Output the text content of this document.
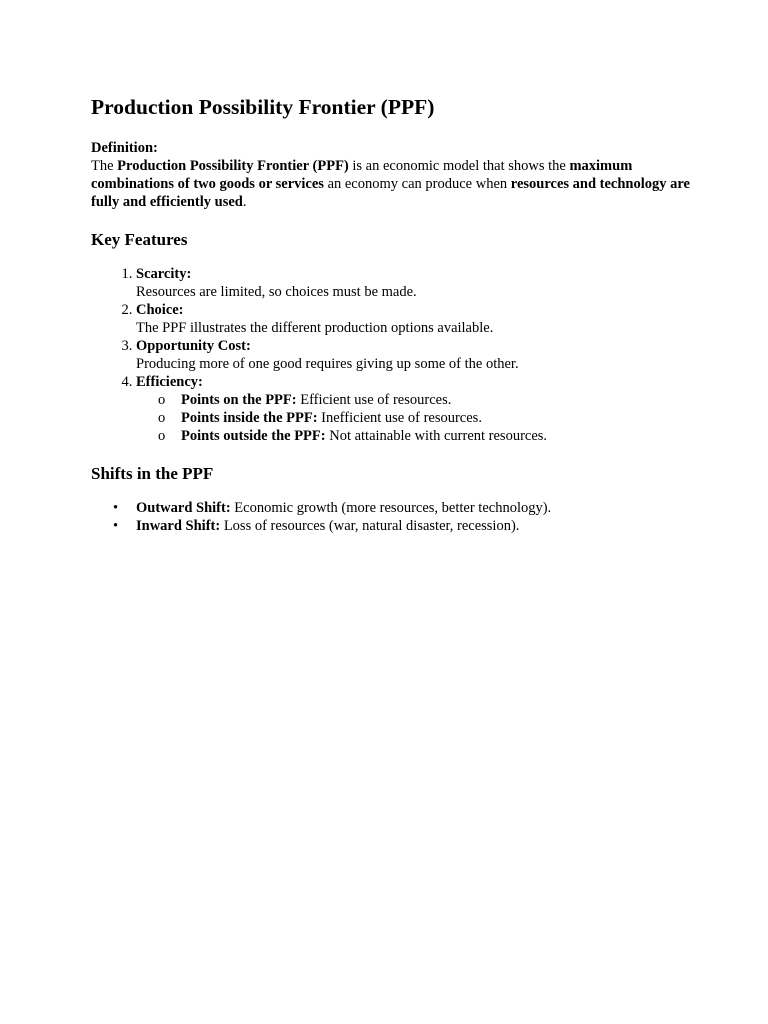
Production Possibility Frontier (PPF)

Definition:

The Production Possibility Frontier (PPF) is an economic model that shows the maximum combinations of two goods or services an economy can produce when resources and technology are fully and efficiently used.

Key Features
1. Scarcity:
Resources are limited, so choices must be made.
2. Choice:
The PPF illustrates the different production options available.
3. Opportunity Cost:
Producing more of one good requires giving up some of the other.
4. Efficiency:
o Points on the PPF: Efficient use of resources.
o Points inside the PPF: Inefficient use of resources.
o Points outside the PPF: Not attainable with current resources.
Shifts in the PPF
• Outward Shift: Economic growth (more resources, better technology).
• Inward Shift: Loss of resources (war, natural disaster, recession).
